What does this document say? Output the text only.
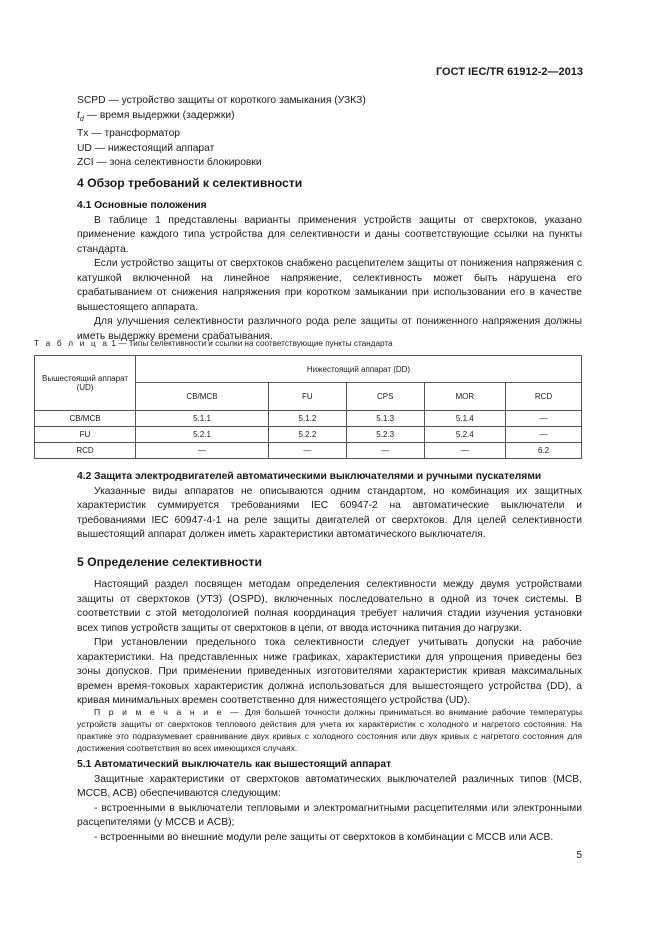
ГОСТ IEC/TR 61912-2—2013

SCPD — устройство защиты от короткого замыкания (УЗКЗ)

$t_d$ — время выдержки (задержки)

Tx — трансформатор

UD — нижестоящий аппарат

ZCI — зона селективности блокировки

4 Обзор требований к селективности

4.1 Основные положения

В таблице 1 представлены варианты применения устройств защиты от сверхтоков, указано применение каждого типа устройства для селективности и даны соответствующие ссылки на пункты стандарта.

Если устройство защиты от сверхтоков снабжено расцепителем защиты от понижения напряжения с катушкой включенной на линейное напряжение, селективность может быть нарушена его срабатыванием от снижения напряжения при коротком замыкании при использовании его в качестве вышестоящего аппарата.

Для улучшения селективности различного рода реле защиты от пониженного напряжения должны иметь выдержку времени срабатывания.

Т а б л и ц а 1 — Типы селективности и ссылки на соответствующие пункты стандарта
Вышестоящий аппарат (UD)	Нижестоящий аппарат (DD)				
	CB/MCB	FU	CPS	MOR	RCD
CB/MCB	5.1.1	5.1.2	5.1.3	5.1.4	—
FU	5.2.1	5.2.2	5.2.3	5.2.4	—
RCD	—	—	—	—	6.2

4.2 Защита электродвигателей автоматическими выключателями и ручными пускателями

Указанные виды аппаратов не описываются одним стандартом, но комбинация их защитных характеристик суммируется требованиями IEC 60947-2 на автоматические выключатели и требованиями IEC 60947-4-1 на реле защиты двигателей от сверхтоков. Для целей селективности вышестоящий аппарат должен иметь характеристики автоматического выключателя.

5 Определение селективности

Настоящий раздел посвящен методам определения селективности между двумя устройствами защиты от сверхтоков (УТЗ) (OSPD), включенных последовательно в одной из точек системы. В соответствии с этой методологией полная координация требует наличия стадии изучения установки всех типов устройств защиты от сверхтоков в цепи, от ввода источника питания до нагрузки.

При установлении предельного тока селективности следует учитывать допуски на рабочие характеристики. На представленных ниже графиках, характеристики для упрощения приведены без зоны допусков. При применении приведенных изготовителями характеристик кривая максимальных времен время-токовых характеристик должна использоваться для вышестоящего устройства (DD), а кривая минимальных времен соответственно для нижестоящего устройства (UD).

П р и м е ч а н и е — Для большей точности должны приниматься во внимание рабочие температуры устройств защиты от сверхтоков теплового действия для учета их характеристик с холодного и нагретого состояния. На практике это подразумевает сравнивание двух кривых с холодного состояния или двух кривых с нагретого состояния для достижения соответствия во всех имеющихся случаях.

5.1 Автоматический выключатель как вышестоящий аппарат

Защитные характеристики от сверхтоков автоматических выключателей различных типов (MCB, MCCB, ACB) обеспечиваются следующим:

- встроенными в выключатели тепловыми и электромагнитными расцепителями или электронными расцепителями (у MCCB и ACB);

- встроенными во внешние модули реле защиты от сверхтоков в комбинации с MCCB или ACB.

5
